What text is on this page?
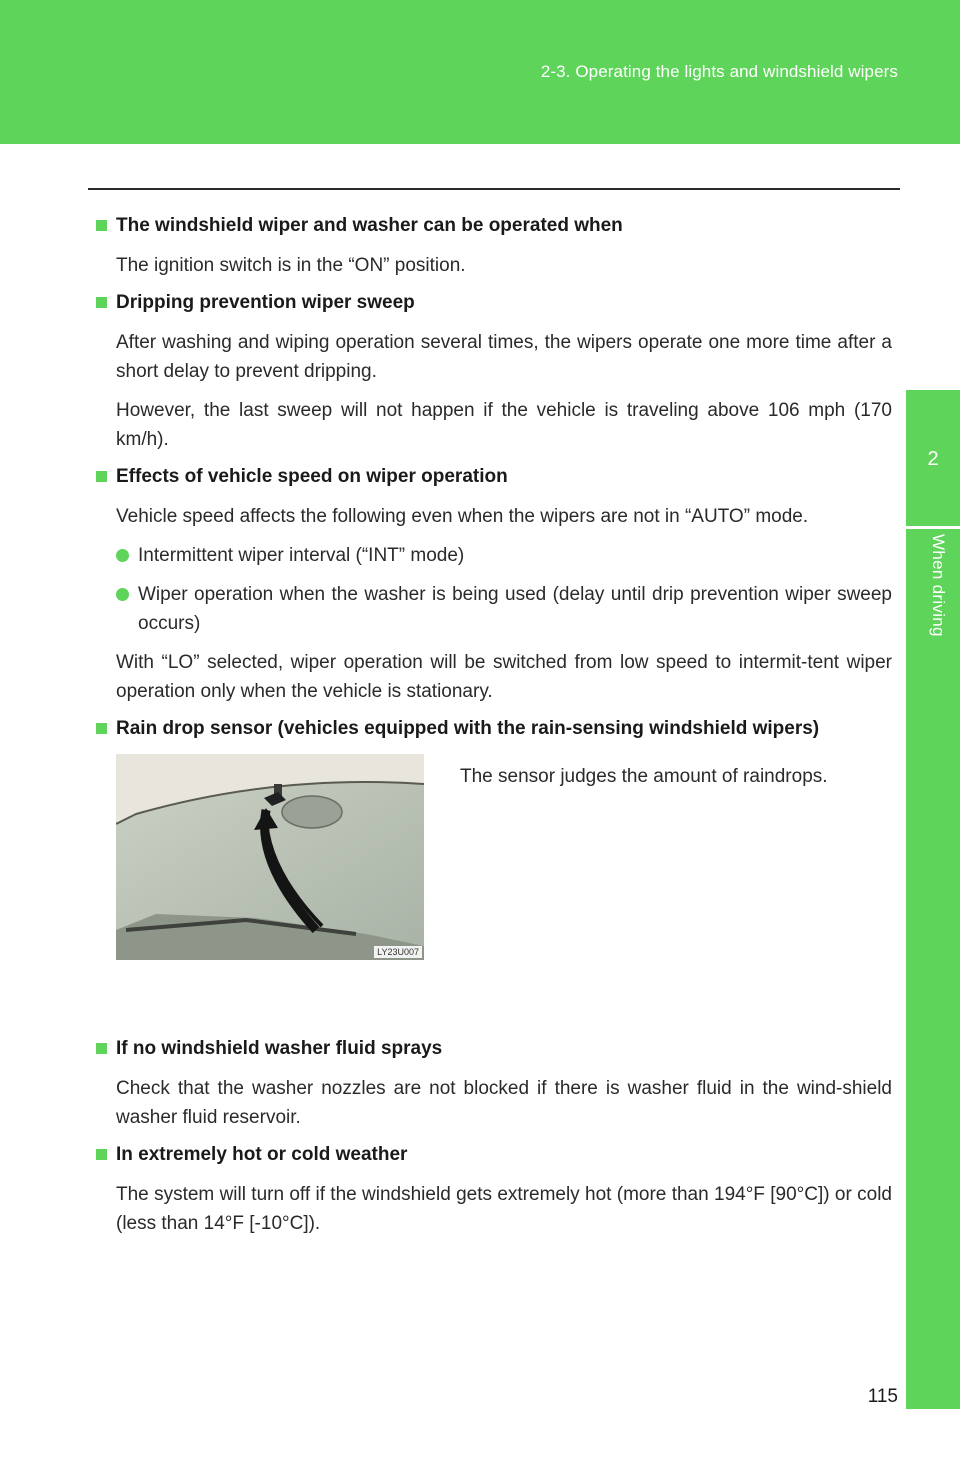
2-3. Operating the lights and windshield wipers
2
When driving
The windshield wiper and washer can be operated when

The ignition switch is in the “ON” position.

Dripping prevention wiper sweep

After washing and wiping operation several times, the wipers operate one more time after a short delay to prevent dripping.

However, the last sweep will not happen if the vehicle is traveling above 106 mph (170 km/h).

Effects of vehicle speed on wiper operation

Vehicle speed affects the following even when the wipers are not in “AUTO” mode.

Intermittent wiper interval (“INT” mode)
Wiper operation when the washer is being used (delay until drip prevention wiper sweep occurs)

With “LO” selected, wiper operation will be switched from low speed to intermit-tent wiper operation only when the vehicle is stationary.

Rain drop sensor (vehicles equipped with the rain-sensing windshield wipers)
LY23U007
The sensor judges the amount of raindrops.
If no windshield washer fluid sprays

Check that the washer nozzles are not blocked if there is washer fluid in the wind-shield washer fluid reservoir.

In extremely hot or cold weather

The system will turn off if the windshield gets extremely hot (more than 194°F [90°C]) or cold (less than 14°F [-10°C]).

115
